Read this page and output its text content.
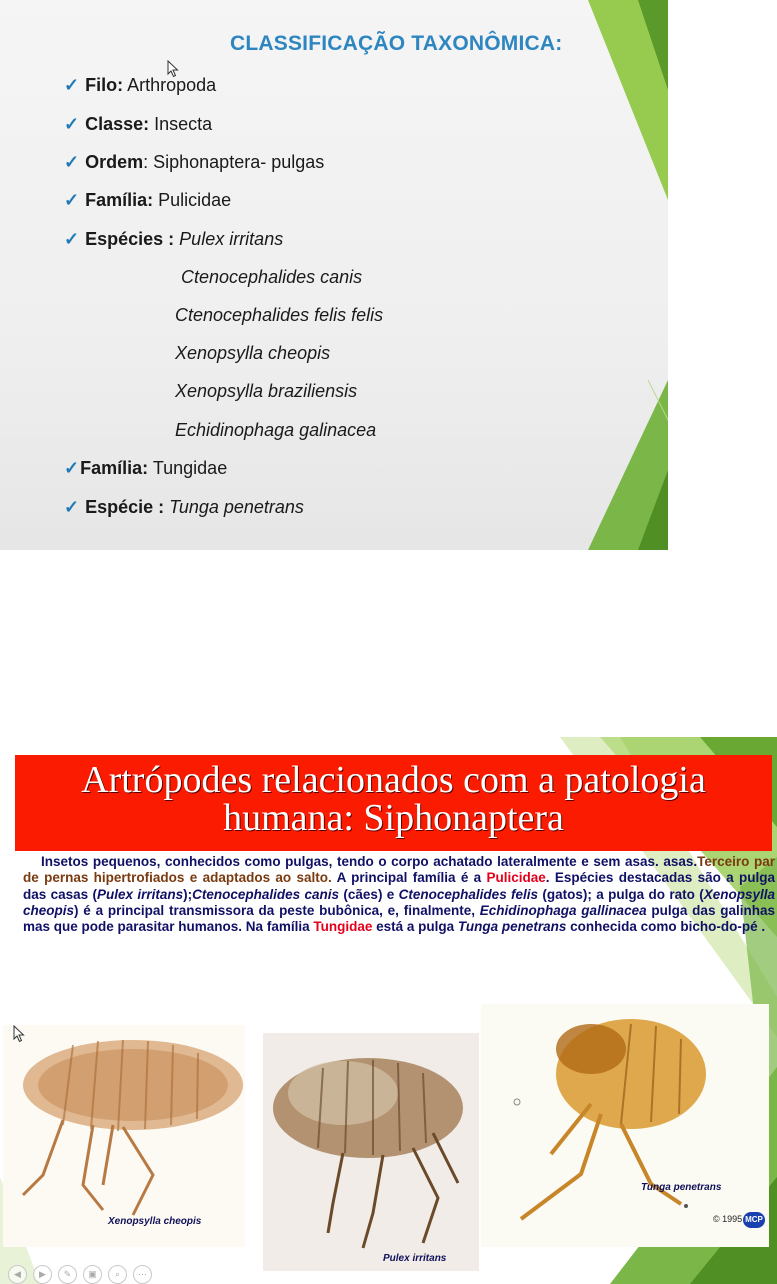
CLASSIFICAÇÃO TAXONÔMICA:
✓ Filo: Arthropoda
✓ Classe: Insecta
✓ Ordem: Siphonaptera- pulgas
✓ Família: Pulicidae
✓ Espécies : Pulex irritans
Ctenocephalides canis
Ctenocephalides felis felis
Xenopsylla cheopis
Xenopsylla braziliensis
Echidinophaga galinacea
✓Família: Tungidae
✓ Espécie : Tunga penetrans
Artrópodes relacionados com a patologia
humana: Siphonaptera
Insetos pequenos, conhecidos como pulgas, tendo o corpo achatado lateralmente e sem asas. asas.Terceiro par de pernas hipertrofiados e adaptados ao salto. A principal família é a Pulicidae. Espécies destacadas são a pulga das casas (Pulex irritans);Ctenocephalides canis (cães) e Ctenocephalides felis (gatos); a pulga do rato (Xenopsylla cheopis) é a principal transmissora da peste bubônica, e, finalmente, Echidinophaga gallinacea pulga das galinhas mas que pode parasitar humanos. Na família Tungidae está a pulga Tunga penetrans conhecida como bicho-do-pé .
Xenopsylla cheopis
Pulex irritans
Tunga penetrans
© 1995 MCP
◀	▶	✎	▣	⌕	⋯
